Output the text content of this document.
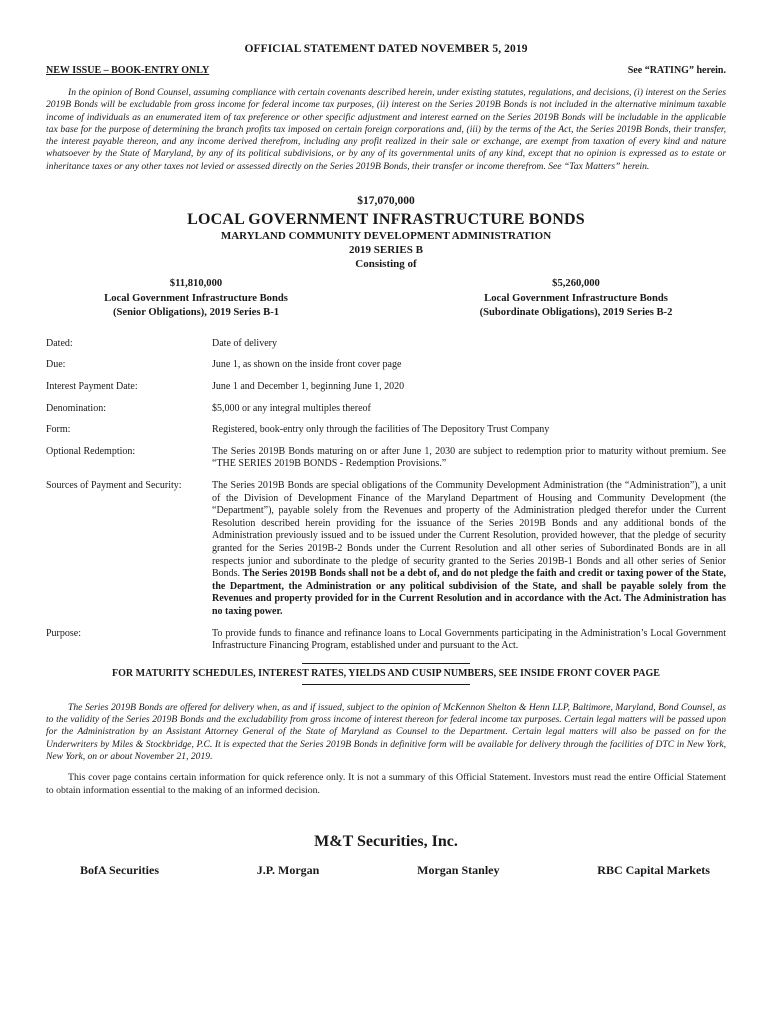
OFFICIAL STATEMENT DATED NOVEMBER 5, 2019
NEW ISSUE – BOOK-ENTRY ONLY	See “RATING” herein.
In the opinion of Bond Counsel, assuming compliance with certain covenants described herein, under existing statutes, regulations, and decisions, (i) interest on the Series 2019B Bonds will be excludable from gross income for federal income tax purposes, (ii) interest on the Series 2019B Bonds is not included in the alternative minimum taxable income of individuals as an enumerated item of tax preference or other specific adjustment and interest earned on the Series 2019B Bonds will be includable in the applicable tax base for the purpose of determining the branch profits tax imposed on certain foreign corporations and, (iii) by the terms of the Act, the Series 2019B Bonds, their transfer, the interest payable thereon, and any income derived therefrom, including any profit realized in their sale or exchange, are exempt from taxation of every kind and nature whatsoever by the State of Maryland, by any of its political subdivisions, or by any of its governmental units of any kind, except that no opinion is expressed as to estate or inheritance taxes or any other taxes not levied or assessed directly on the Series 2019B Bonds, their transfer or income therefrom. See “Tax Matters” herein.
$17,070,000
LOCAL GOVERNMENT INFRASTRUCTURE BONDS
MARYLAND COMMUNITY DEVELOPMENT ADMINISTRATION
2019 SERIES B
Consisting of
$11,810,000
Local Government Infrastructure Bonds
(Senior Obligations), 2019 Series B-1
$5,260,000
Local Government Infrastructure Bonds
(Subordinate Obligations), 2019 Series B-2
Dated:	Date of delivery
Due:	June 1, as shown on the inside front cover page
Interest Payment Date:	June 1 and December 1, beginning June 1, 2020
Denomination:	$5,000 or any integral multiples thereof
Form:	Registered, book-entry only through the facilities of The Depository Trust Company
Optional Redemption:	The Series 2019B Bonds maturing on or after June 1, 2030 are subject to redemption prior to maturity without premium. See “THE SERIES 2019B BONDS - Redemption Provisions.”
Sources of Payment and Security:	The Series 2019B Bonds are special obligations of the Community Development Administration (the “Administration”), a unit of the Division of Development Finance of the Maryland Department of Housing and Community Development (the “Department”), payable solely from the Revenues and property of the Administration pledged therefor under the Current Resolution described herein providing for the issuance of the Series 2019B Bonds and any additional bonds of the Administration previously issued and to be issued under the Current Resolution, provided however, that the pledge of security granted for the Series 2019B-2 Bonds under the Current Resolution and all other series of Subordinated Bonds are in all respects junior and subordinate to the pledge of security granted to the Series 2019B-1 Bonds and all other series of Senior Bonds. The Series 2019B Bonds shall not be a debt of, and do not pledge the faith and credit or taxing power of the State, the Department, the Administration or any political subdivision of the State, and shall be payable solely from the Revenues and property provided for in the Current Resolution and in accordance with the Act. The Administration has no taxing power.
Purpose:	To provide funds to finance and refinance loans to Local Governments participating in the Administration’s Local Government Infrastructure Financing Program, established under and pursuant to the Act.
FOR MATURITY SCHEDULES, INTEREST RATES, YIELDS AND CUSIP NUMBERS, SEE INSIDE FRONT COVER PAGE
The Series 2019B Bonds are offered for delivery when, as and if issued, subject to the opinion of McKennon Shelton & Henn LLP, Baltimore, Maryland, Bond Counsel, as to the validity of the Series 2019B Bonds and the excludability from gross income of interest thereon for federal income tax purposes. Certain legal matters will be passed upon for the Administration by an Assistant Attorney General of the State of Maryland as Counsel to the Department. Certain legal matters will also be passed on for the Underwriters by Miles & Stockbridge, P.C. It is expected that the Series 2019B Bonds in definitive form will be available for delivery through the facilities of DTC in New York, New York, on or about November 21, 2019.
This cover page contains certain information for quick reference only. It is not a summary of this Official Statement. Investors must read the entire Official Statement to obtain information essential to the making of an informed decision.
M&T Securities, Inc.
BofA Securities	J.P. Morgan	Morgan Stanley	RBC Capital Markets
